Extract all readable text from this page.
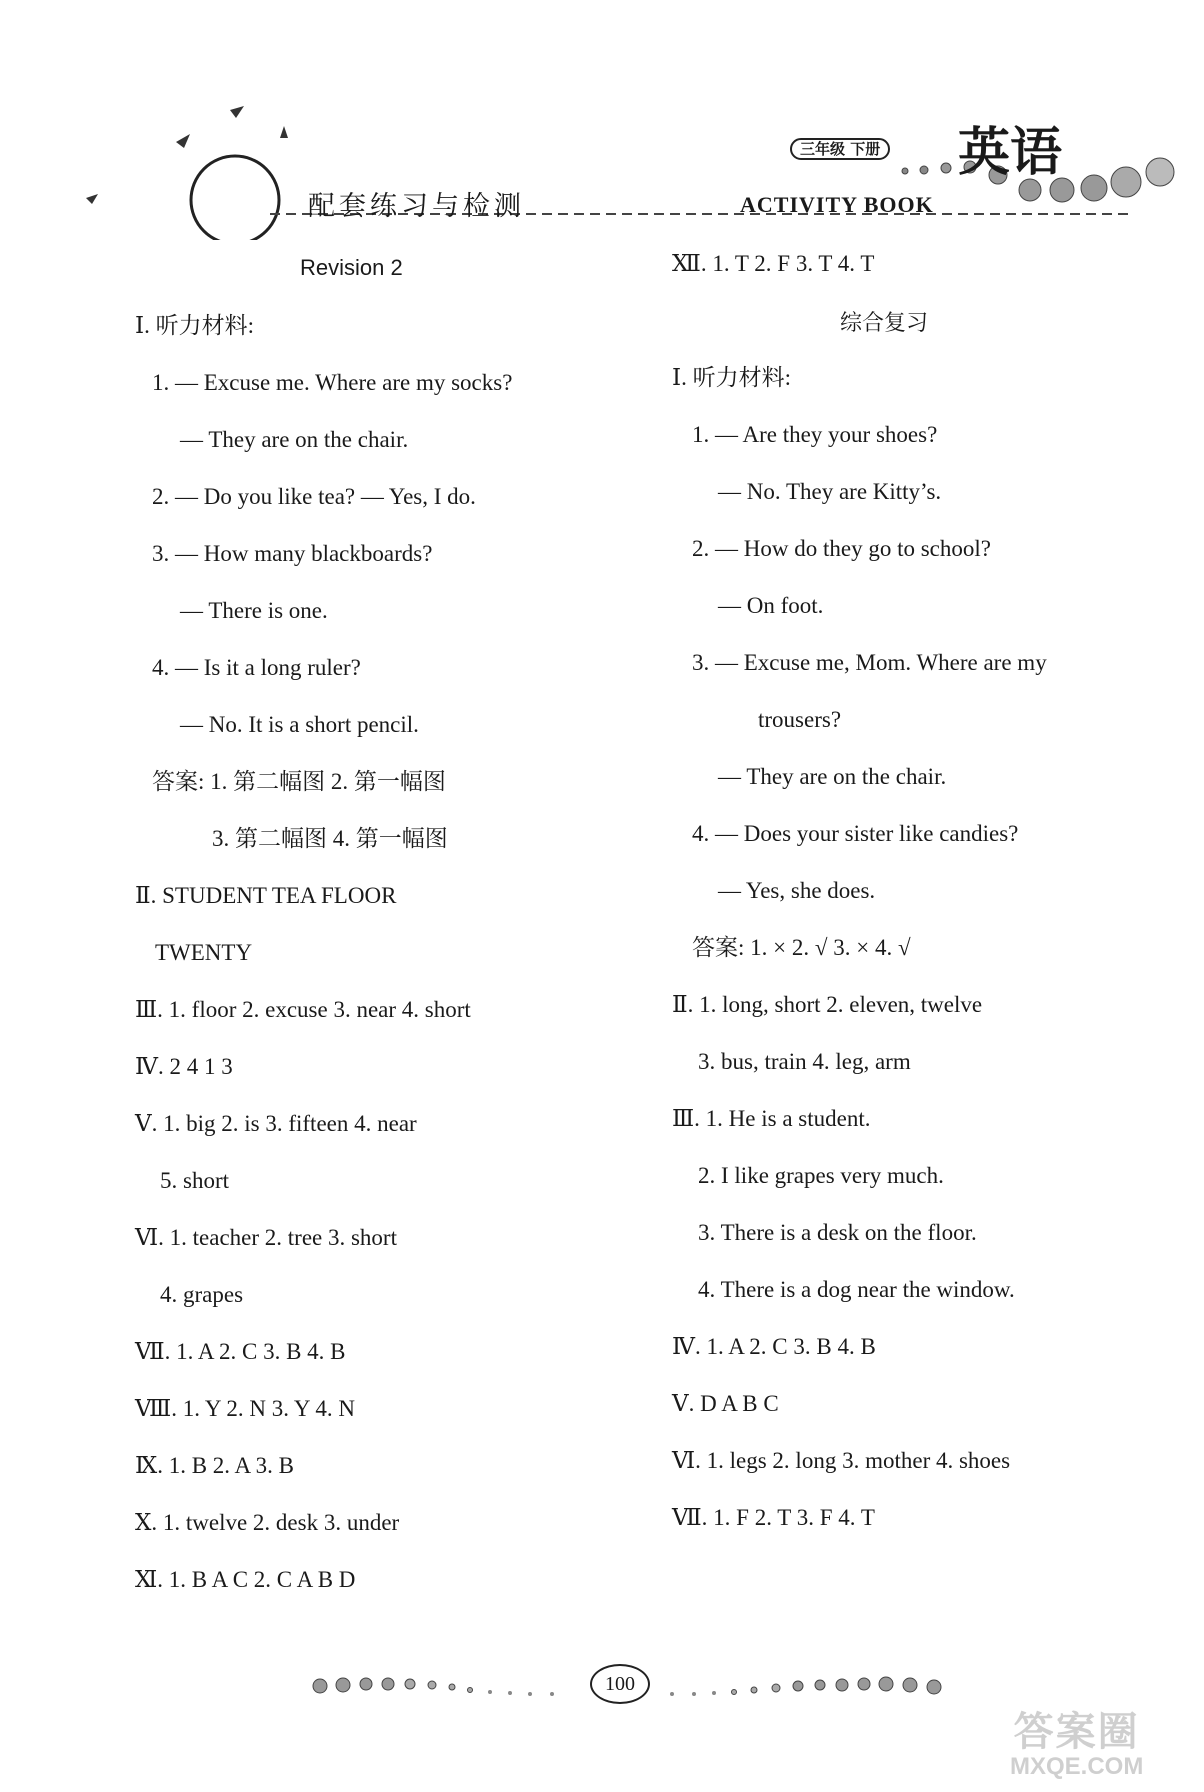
配套练习与检测
三年级 下册 英语
ACTIVITY BOOK
Revision 2
Ⅰ. 听力材料:
1. — Excuse me. Where are my socks?
— They are on the chair.
2. — Do you like tea? — Yes, I do.
3. — How many blackboards?
— There is one.
4. — Is it a long ruler?
— No. It is a short pencil.
答案: 1. 第二幅图 2. 第一幅图
3. 第二幅图 4. 第一幅图
Ⅱ. STUDENT TEA FLOOR
TWENTY
Ⅲ. 1. floor 2. excuse 3. near 4. short
Ⅳ. 2 4 1 3
Ⅴ. 1. big 2. is 3. fifteen 4. near
5. short
Ⅵ. 1. teacher 2. tree 3. short
4. grapes
Ⅶ. 1. A 2. C 3. B 4. B
Ⅷ. 1. Y 2. N 3. Y 4. N
Ⅸ. 1. B 2. A 3. B
Ⅹ. 1. twelve 2. desk 3. under
Ⅺ. 1. B A C 2. C A B D
Ⅻ. 1. T 2. F 3. T 4. T
综合复习
Ⅰ. 听力材料:
1. — Are they your shoes?
— No. They are Kitty’s.
2. — How do they go to school?
— On foot.
3. — Excuse me, Mom. Where are my
trousers?
— They are on the chair.
4. — Does your sister like candies?
— Yes, she does.
答案: 1. × 2. √ 3. × 4. √
Ⅱ. 1. long, short 2. eleven, twelve
3. bus, train 4. leg, arm
Ⅲ. 1. He is a student.
2. I like grapes very much.
3. There is a desk on the floor.
4. There is a dog near the window.
Ⅳ. 1. A 2. C 3. B 4. B
Ⅴ. D A B C
Ⅵ. 1. legs 2. long 3. mother 4. shoes
Ⅶ. 1. F 2. T 3. F 4. T
100
答案圈
MXQE.COM
